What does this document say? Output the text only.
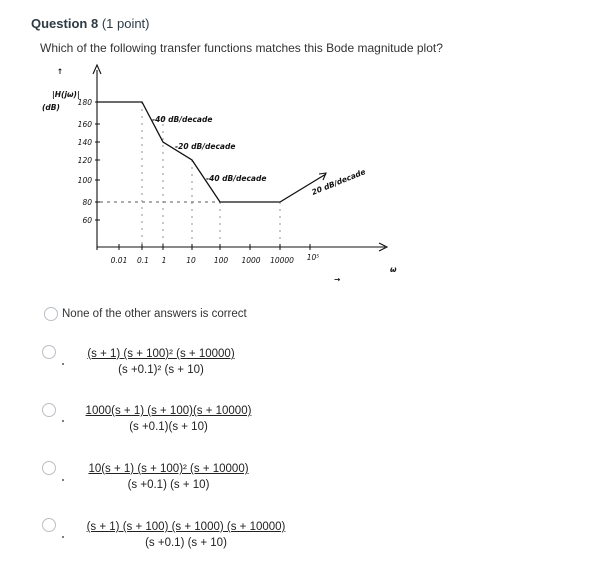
Question 8 (1 point)
Which of the following transfer functions matches this Bode magnitude plot?
↑
|H(jω)|
(dB)
180
160
140
120
100
80
60
-40 dB/decade
-20 dB/decade
-40 dB/decade	20 dB/decade
0.01 0.1 1	10 100 1000 10000 10⁵
→
ω
None of the other answers is correct
$\frac{\text{(s + 1) (s + 100)² (s + 10000)}}{\text{(s +0.1)² (s + 10)}}$
$\frac{1000(s + 1) (s + 100)(s + 10000)}{(s +0.1)(s + 10)}$
$\frac{\text{10(s + 1) (s + 100)² (s + 10000)}}{(s +0.1) (s + 10)}$
$\frac{(s + 1) (s + 100) (s + 1000) (s + 10000)}{(s +0.1) (s + 10)}$
